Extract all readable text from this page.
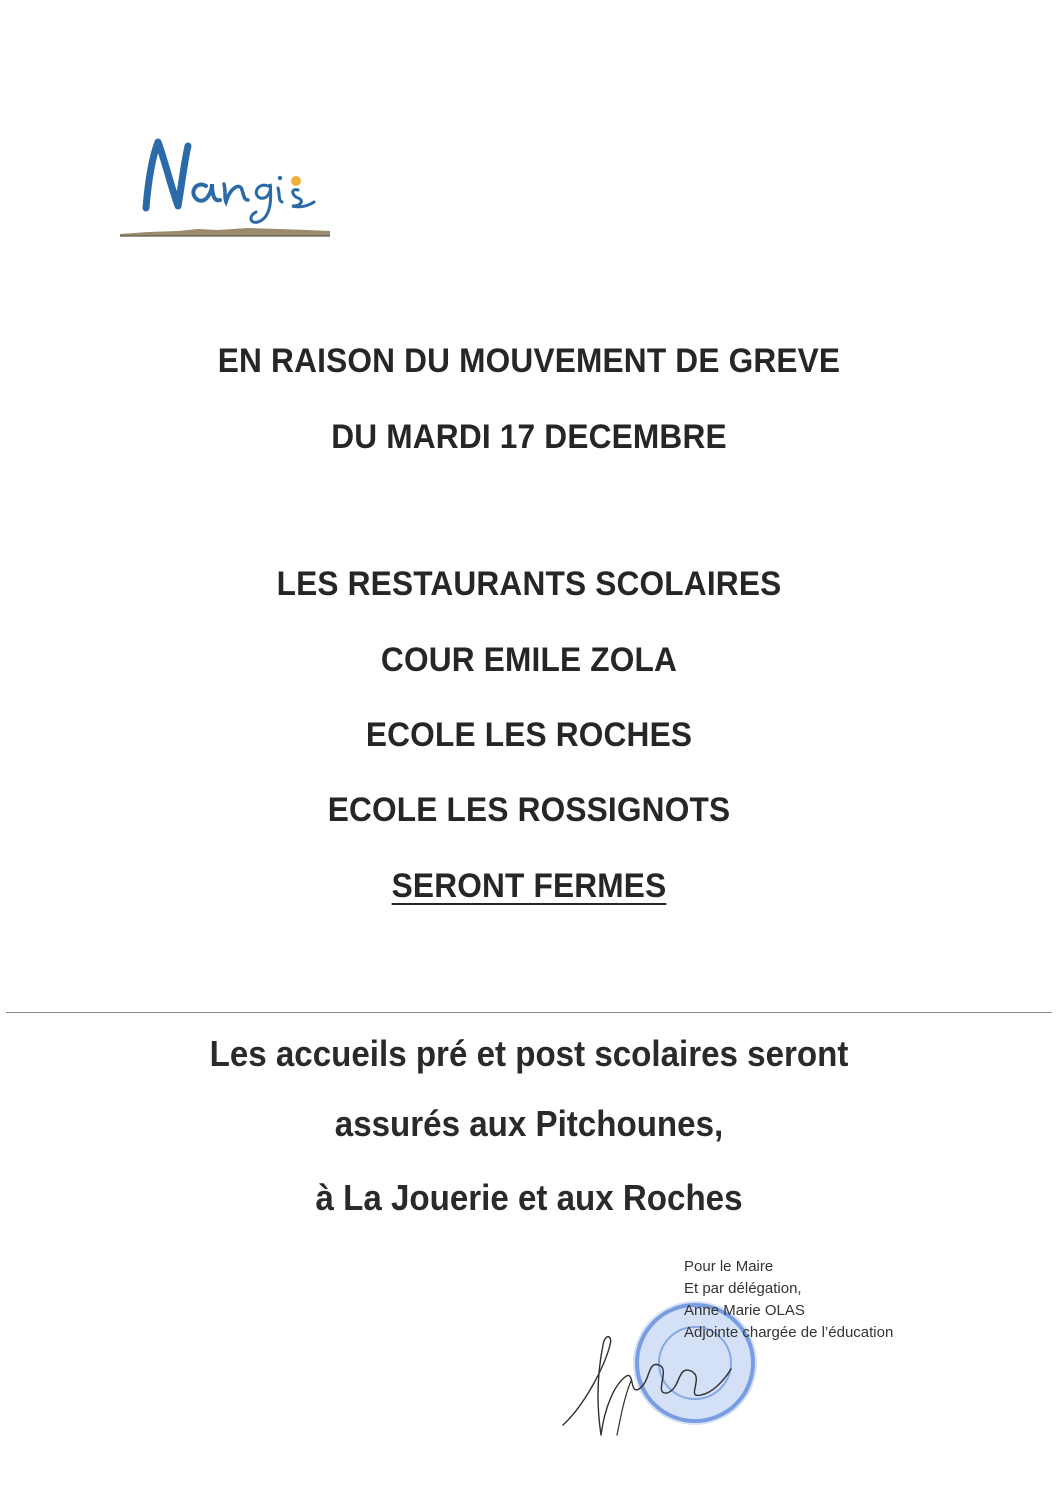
EN RAISON DU MOUVEMENT DE GREVE
DU MARDI 17 DECEMBRE
LES RESTAURANTS SCOLAIRES
COUR EMILE ZOLA
ECOLE LES ROCHES
ECOLE LES ROSSIGNOTS
SERONT FERMES
Les accueils pré et post scolaires seront
assurés aux Pitchounes,
à La Jouerie et aux Roches
Pour le Maire
Et par délégation,
Anne Marie OLAS
Adjointe chargée de l’éducation
